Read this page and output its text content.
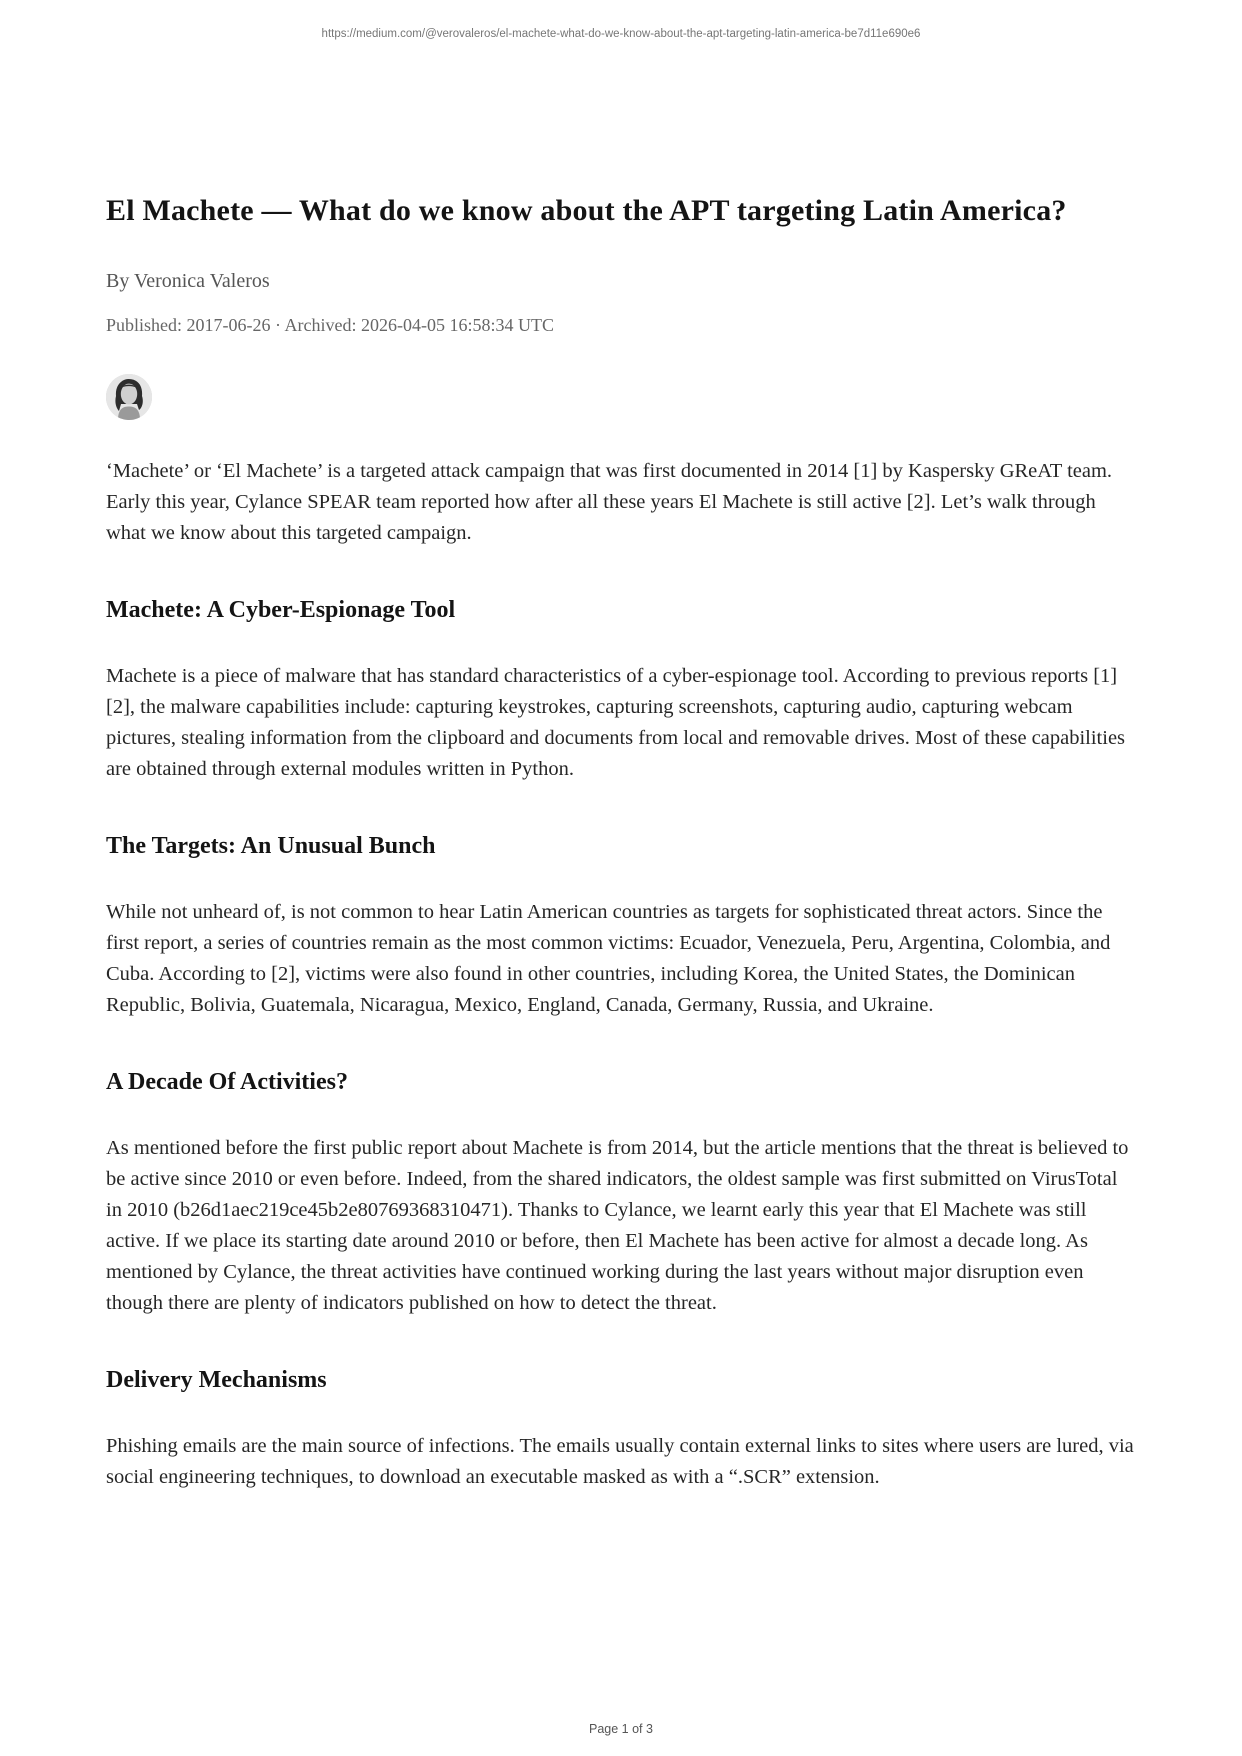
https://medium.com/@verovaleros/el-machete-what-do-we-know-about-the-apt-targeting-latin-america-be7d11e690e6
El Machete — What do we know about the APT targeting Latin America?
By Veronica Valeros
Published: 2017-06-26 · Archived: 2026-04-05 16:58:34 UTC

‘Machete’ or ‘El Machete’ is a targeted attack campaign that was first documented in 2014 [1] by Kaspersky GReAT team. Early this year, Cylance SPEAR team reported how after all these years El Machete is still active [2]. Let’s walk through what we know about this targeted campaign.

Machete: A Cyber-Espionage Tool

Machete is a piece of malware that has standard characteristics of a cyber-espionage tool. According to previous reports [1] [2], the malware capabilities include: capturing keystrokes, capturing screenshots, capturing audio, capturing webcam pictures, stealing information from the clipboard and documents from local and removable drives. Most of these capabilities are obtained through external modules written in Python.

The Targets: An Unusual Bunch

While not unheard of, is not common to hear Latin American countries as targets for sophisticated threat actors. Since the first report, a series of countries remain as the most common victims: Ecuador, Venezuela, Peru, Argentina, Colombia, and Cuba. According to [2], victims were also found in other countries, including Korea, the United States, the Dominican Republic, Bolivia, Guatemala, Nicaragua, Mexico, England, Canada, Germany, Russia, and Ukraine.

A Decade Of Activities?

As mentioned before the first public report about Machete is from 2014, but the article mentions that the threat is believed to be active since 2010 or even before. Indeed, from the shared indicators, the oldest sample was first submitted on VirusTotal in 2010 (b26d1aec219ce45b2e80769368310471). Thanks to Cylance, we learnt early this year that El Machete was still active. If we place its starting date around 2010 or before, then El Machete has been active for almost a decade long. As mentioned by Cylance, the threat activities have continued working during the last years without major disruption even though there are plenty of indicators published on how to detect the threat.

Delivery Mechanisms

Phishing emails are the main source of infections. The emails usually contain external links to sites where users are lured, via social engineering techniques, to download an executable masked as with a “.SCR” extension.

Page 1 of 3
